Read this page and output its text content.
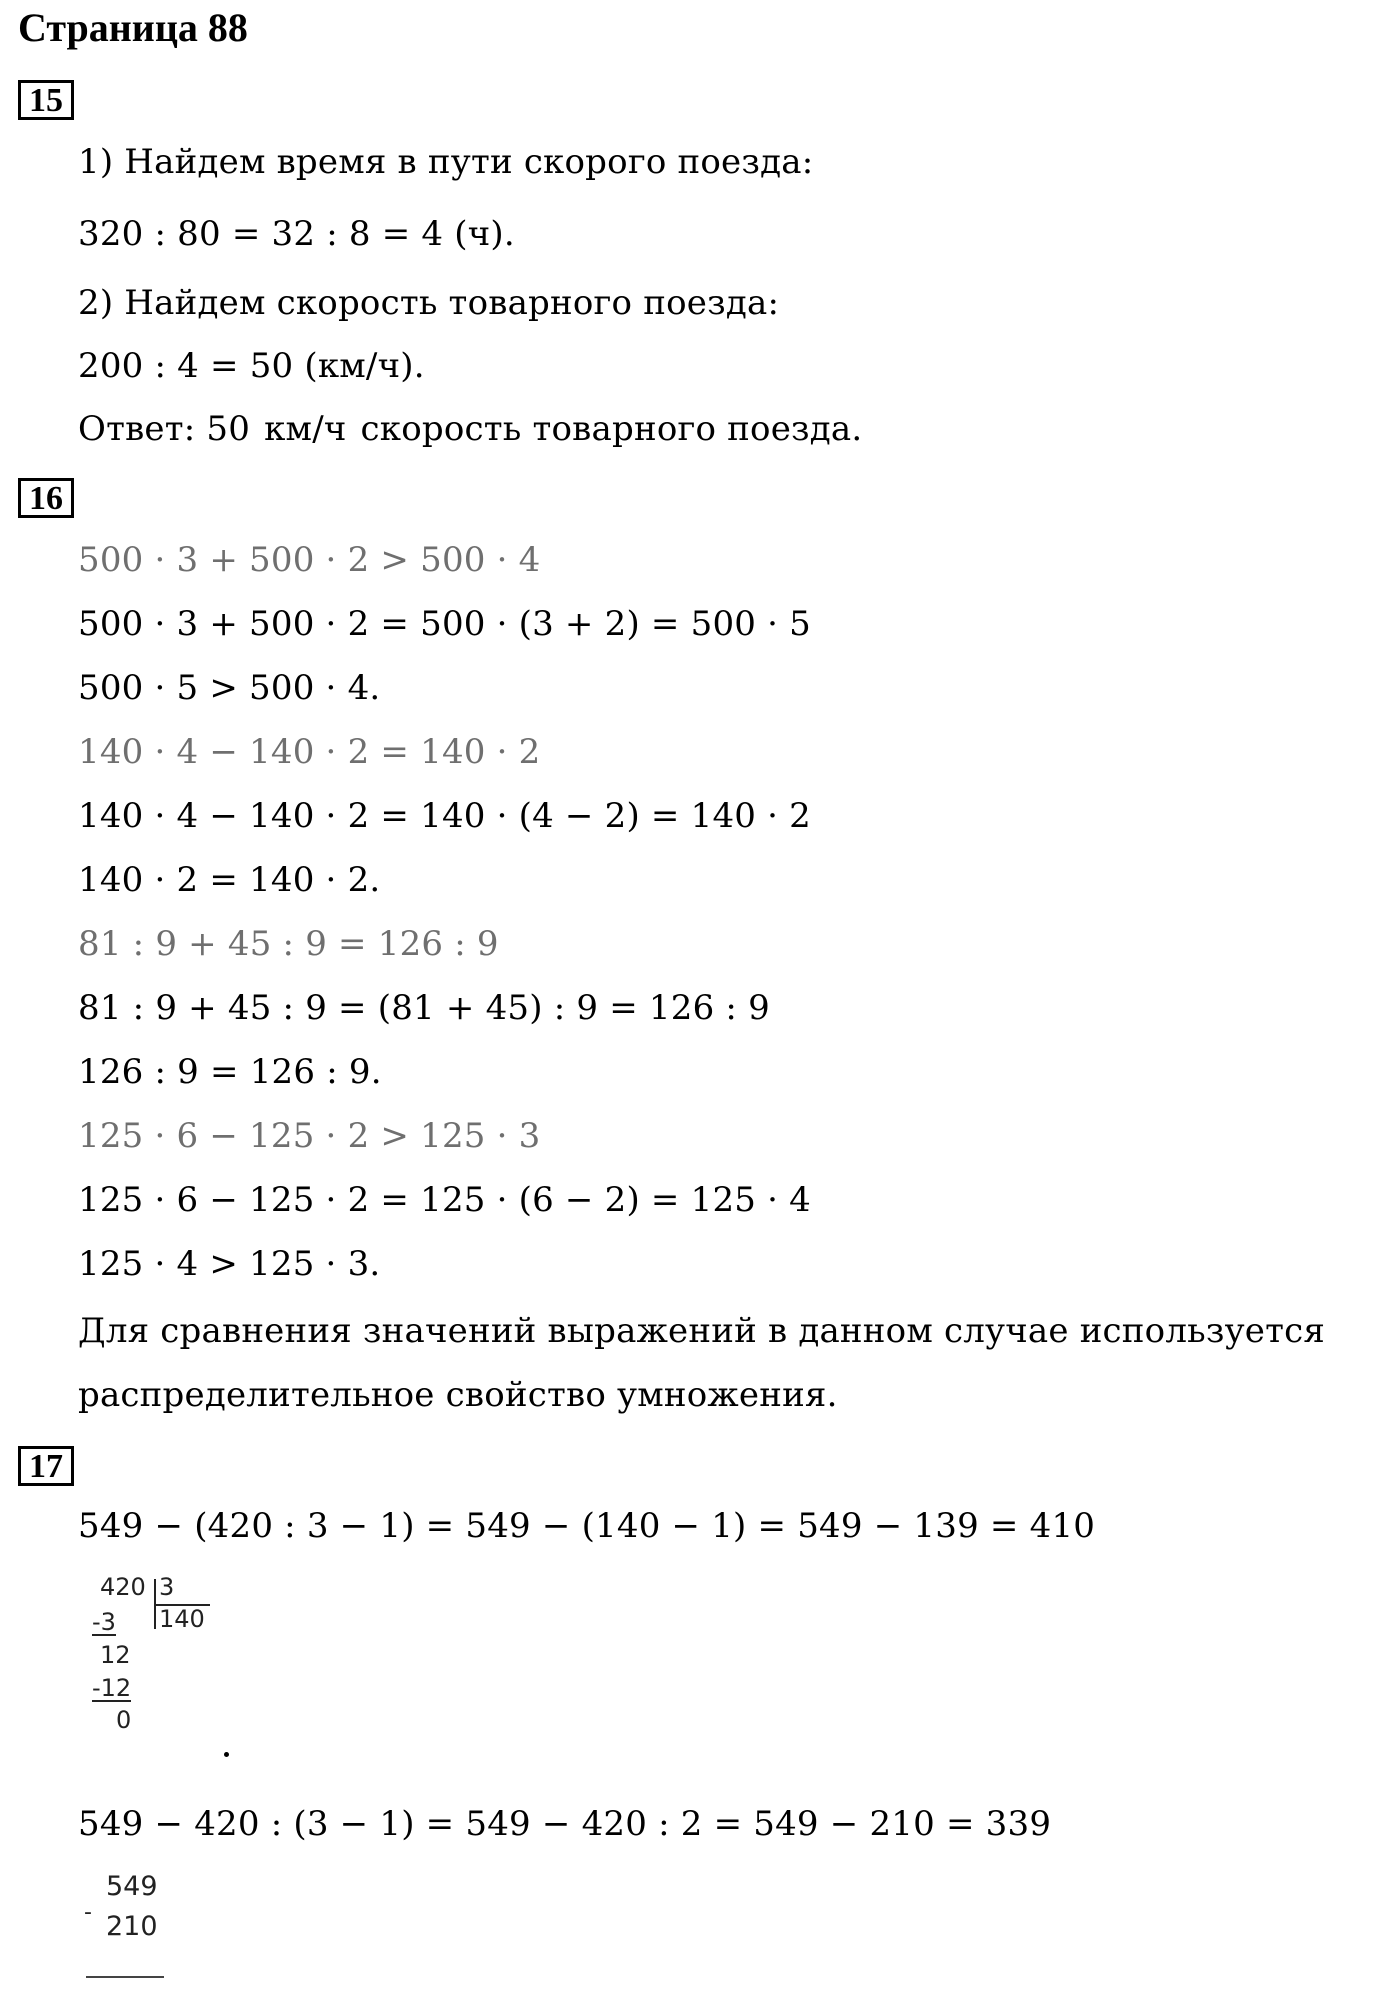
Страница 88
15
1) Найдем время в пути скорого поезда:
320 : 80 = 32 : 8 = 4 (ч).
2) Найдем скорость товарного поезда:
200 : 4 = 50 (км/ч).
Ответ: 50 км/ч скорость товарного поезда.
16
500 · 3 + 500 · 2 > 500 · 4
500 · 3 + 500 · 2 = 500 · (3 + 2) = 500 · 5
500 · 5 > 500 · 4.
140 · 4 − 140 · 2 = 140 · 2
140 · 4 − 140 · 2 = 140 · (4 − 2) = 140 · 2
140 · 2 = 140 · 2.
81 : 9 + 45 : 9 = 126 : 9
81 : 9 + 45 : 9 = (81 + 45) : 9 = 126 : 9
126 : 9 = 126 : 9.
125 · 6 − 125 · 2 > 125 · 3
125 · 6 − 125 · 2 = 125 · (6 − 2) = 125 · 4
125 · 4 > 125 · 3.
Для сравнения значений выражений в данном случае используется
распределительное свойство умножения.
17
549 − (420 : 3 − 1) = 549 − (140 − 1) = 549 − 139 = 410
420 3
140
-3
12
-12
0
549 − 420 : (3 − 1) = 549 − 420 : 2 = 549 − 210 = 339
-
549
210
